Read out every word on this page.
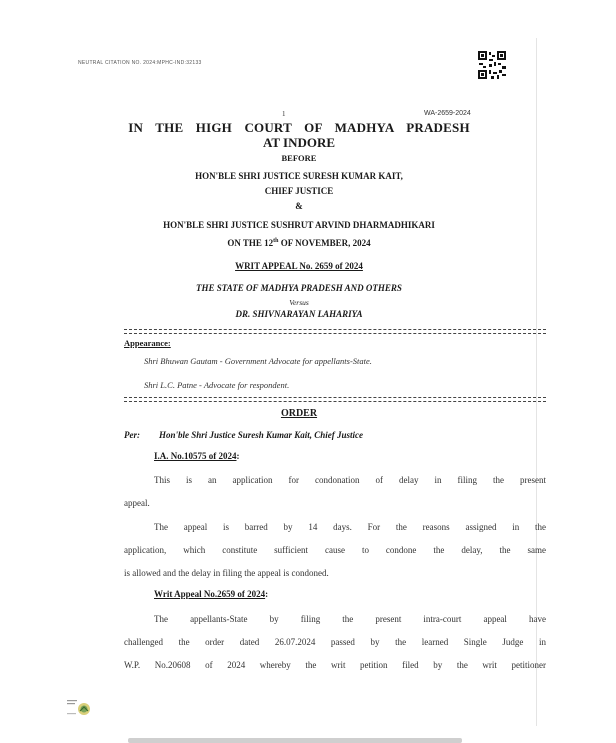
NEUTRAL CITATION NO. 2024:MPHC-IND:32133
1	WA-2659-2024
IN THE HIGH COURT OF MADHYA PRADESH
AT INDORE
BEFORE
HON'BLE SHRI JUSTICE SURESH KUMAR KAIT,
CHIEF JUSTICE
&
HON'BLE SHRI JUSTICE SUSHRUT ARVIND DHARMADHIKARI
ON THE 12th OF NOVEMBER, 2024
WRIT APPEAL No. 2659 of 2024
THE STATE OF MADHYA PRADESH AND OTHERS
Versus
DR. SHIVNARAYAN LAHARIYA
Appearance:
Shri Bhuwan Gautam - Government Advocate for appellants-State.
Shri L.C. Patne - Advocate for respondent.
ORDER
Per: Hon'ble Shri Justice Suresh Kumar Kait, Chief Justice
I.A. No.10575 of 2024:
This is an application for condonation of delay in filing the present
appeal.
The appeal is barred by 14 days. For the reasons assigned in the
application, which constitute sufficient cause to condone the delay, the same
is allowed and the delay in filing the appeal is condoned.
Writ Appeal No.2659 of 2024:
The appellants-State by filing the present intra-court appeal have
challenged the order dated 26.07.2024 passed by the learned Single Judge in
W.P. No.20608 of 2024 whereby the writ petition filed by the writ petitioner
